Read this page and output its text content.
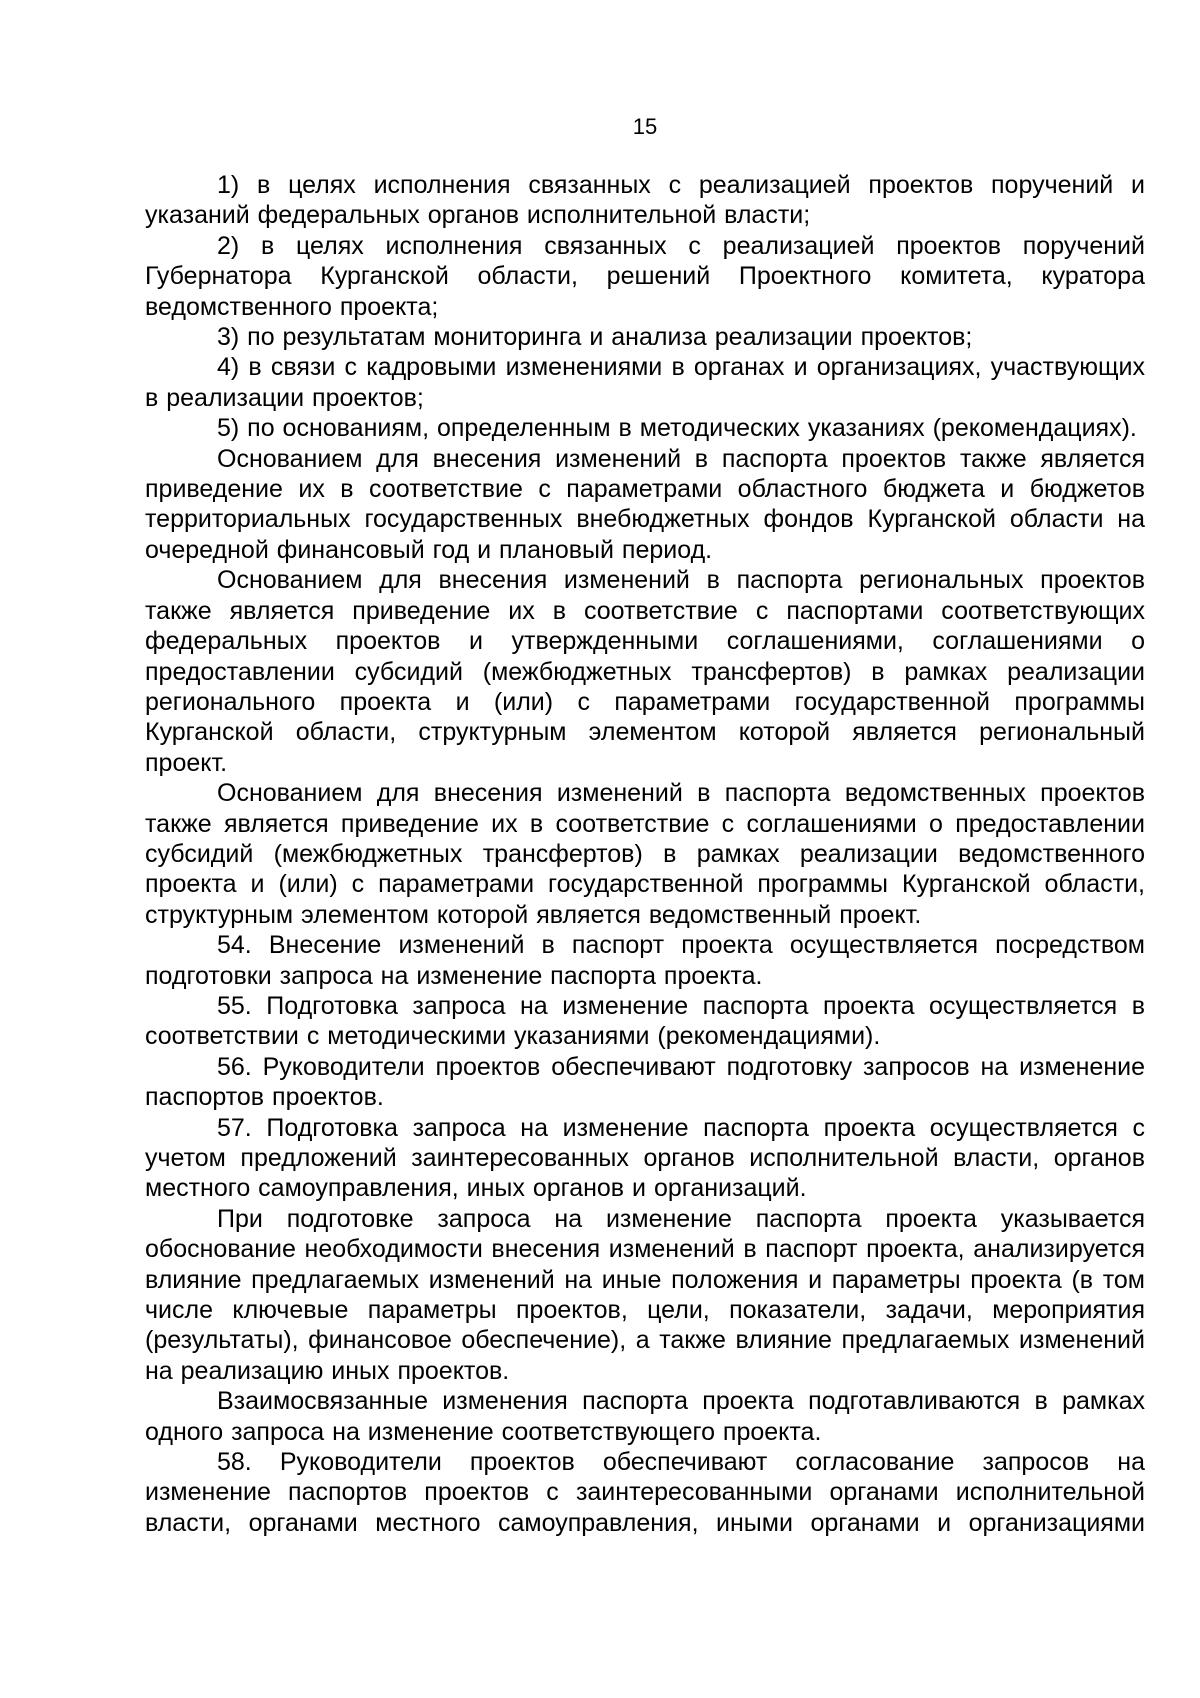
15

1) в целях исполнения связанных с реализацией проектов поручений и указаний федеральных органов исполнительной власти;

2) в целях исполнения связанных с реализацией проектов поручений Губернатора Курганской области, решений Проектного комитета, куратора ведомственного проекта;

3) по результатам мониторинга и анализа реализации проектов;

4) в связи с кадровыми изменениями в органах и организациях, участвующих в реализации проектов;

5) по основаниям, определенным в методических указаниях (рекомендациях).

Основанием для внесения изменений в паспорта проектов также является приведение их в соответствие с параметрами областного бюджета и бюджетов территориальных государственных внебюджетных фондов Курганской области на очередной финансовый год и плановый период.

Основанием для внесения изменений в паспорта региональных проектов также является приведение их в соответствие с паспортами соответствующих федеральных проектов и утвержденными соглашениями, соглашениями о предоставлении субсидий (межбюджетных трансфертов) в рамках реализации регионального проекта и (или) с параметрами государственной программы Курганской области, структурным элементом которой является региональный проект.

Основанием для внесения изменений в паспорта ведомственных проектов также является приведение их в соответствие с соглашениями о предоставлении субсидий (межбюджетных трансфертов) в рамках реализации ведомственного проекта и (или) с параметрами государственной программы Курганской области, структурным элементом которой является ведомственный проект.

54. Внесение изменений в паспорт проекта осуществляется посредством подготовки запроса на изменение паспорта проекта.

55. Подготовка запроса на изменение паспорта проекта осуществляется в соответствии с методическими указаниями (рекомендациями).

56. Руководители проектов обеспечивают подготовку запросов на изменение паспортов проектов.

57. Подготовка запроса на изменение паспорта проекта осуществляется с учетом предложений заинтересованных органов исполнительной власти, органов местного самоуправления, иных органов и организаций.

При подготовке запроса на изменение паспорта проекта указывается обоснование необходимости внесения изменений в паспорт проекта, анализируется влияние предлагаемых изменений на иные положения и параметры проекта (в том числе ключевые параметры проектов, цели, показатели, задачи, мероприятия (результаты), финансовое обеспечение), а также влияние предлагаемых изменений на реализацию иных проектов.

Взаимосвязанные изменения паспорта проекта подготавливаются в рамках одного запроса на изменение соответствующего проекта.

58. Руководители проектов обеспечивают согласование запросов на изменение паспортов проектов с заинтересованными органами исполнительной власти, органами местного самоуправления, иными органами и организациями
